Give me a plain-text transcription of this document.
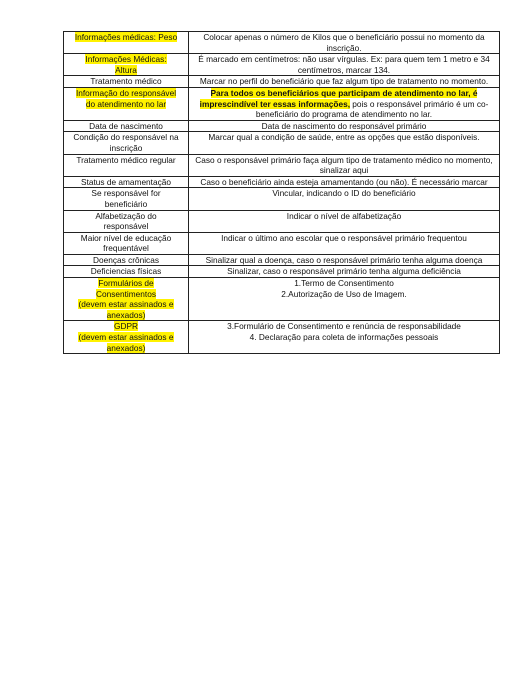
Informações médicas: Peso	Colocar apenas o número de Kilos que o beneficiário possui no momento da inscrição.

Informações Médicas:
Altura	É marcado em centímetros: não usar vírgulas. Ex: para quem tem 1 metro e 34 centímetros, marcar 134.

Tratamento médico	Marcar no perfil do beneficiário que faz algum tipo de tratamento no momento.

Informação do responsável
do atendimento no lar	Para todos os beneficiários que participam de atendimento no lar, é imprescindível ter essas informações, pois o responsável primário é um co-beneficiário do programa de atendimento no lar.

Data de nascimento	Data de nascimento do responsável primário

Condição do responsável na
inscrição	Marcar qual a condição de saúde, entre as opções que estão disponíveis.

Tratamento médico regular	Caso o responsável primário faça algum tipo de tratamento médico no momento, sinalizar aqui

Status de amamentação	Caso o beneficiário ainda esteja amamentando (ou não). É necessário marcar

Se responsável for
beneficiário	Vincular, indicando o ID do beneficiário

Alfabetização do
responsável	Indicar o nível de alfabetização

Maior nível de educação
frequentável	Indicar o último ano escolar que o responsável primário frequentou

Doenças crônicas	Sinalizar qual a doença, caso o responsável primário tenha alguma doença

Deficiencias físicas	Sinalizar, caso o responsável primário tenha alguma deficiência

Formulários de
Consentimentos
(devem estar assinados e
anexados)	1.Termo de Consentimento
2.Autorização de Uso de Imagem.

GDPR
(devem estar assinados e
anexados)	3.Formulário de Consentimento e renúncia de responsabilidade
4. Declaração para coleta de informações pessoais
